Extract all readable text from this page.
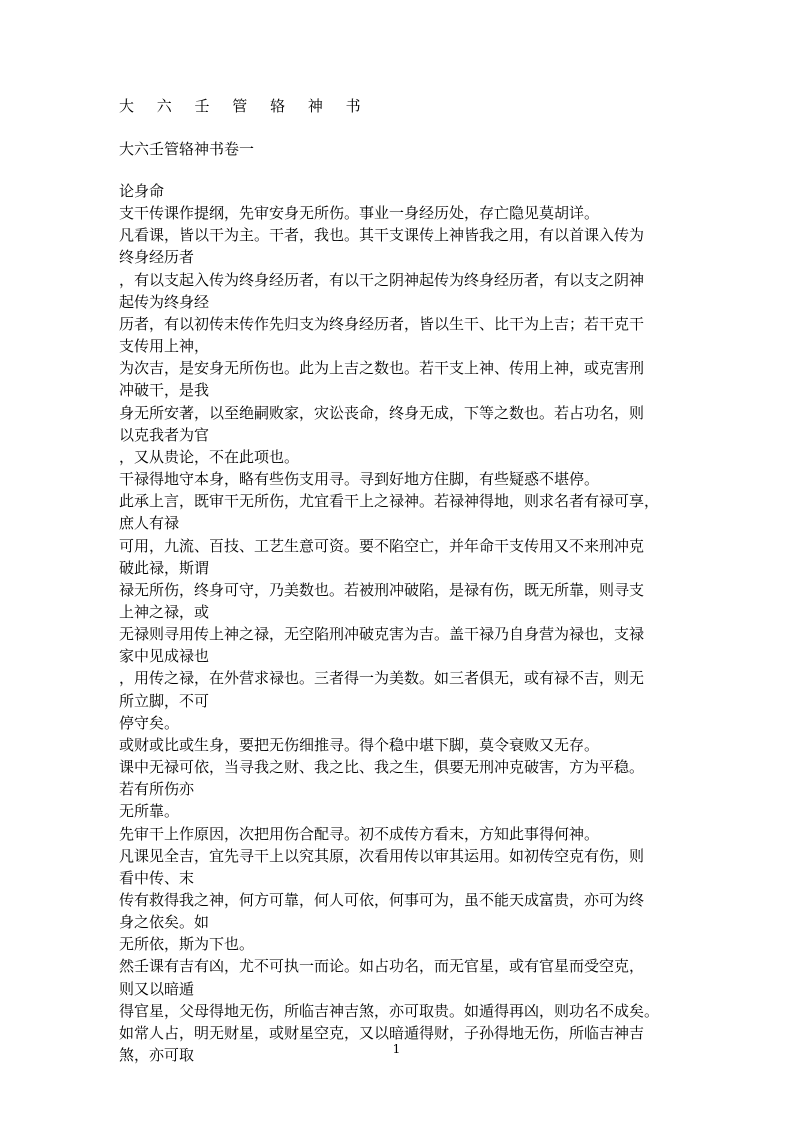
大 六 壬 管 辂 神 书
大六壬管辂神书卷一
论身命
支干传课作提纲，先审安身无所伤。事业一身经历处，存亡隐见莫胡详。
凡看课，皆以干为主。干者，我也。其干支课传上神皆我之用，有以首课入传为
终身经历者
，有以支起入传为终身经历者，有以干之阴神起传为终身经历者，有以支之阴神
起传为终身经
历者，有以初传末传作先归支为终身经历者，皆以生干、比干为上吉；若干克干
支传用上神，
为次吉，是安身无所伤也。此为上吉之数也。若干支上神、传用上神，或克害刑
冲破干，是我
身无所安著，以至绝嗣败家，灾讼丧命，终身无成，下等之数也。若占功名，则
以克我者为官
，又从贵论，不在此项也。
干禄得地守本身，略有些伤支用寻。寻到好地方住脚，有些疑惑不堪停。
此承上言，既审干无所伤，尤宜看干上之禄神。若禄神得地，则求名者有禄可享，
庶人有禄
可用，九流、百技、工艺生意可资。要不陷空亡，并年命干支传用又不来刑冲克
破此禄，斯谓
禄无所伤，终身可守，乃美数也。若被刑冲破陷，是禄有伤，既无所靠，则寻支
上神之禄，或
无禄则寻用传上神之禄，无空陷刑冲破克害为吉。盖干禄乃自身营为禄也，支禄
家中见成禄也
，用传之禄，在外营求禄也。三者得一为美数。如三者俱无，或有禄不吉，则无
所立脚，不可
停守矣。
或财或比或生身，要把无伤细推寻。得个稳中堪下脚，莫令衰败又无存。
课中无禄可依，当寻我之财、我之比、我之生，俱要无刑冲克破害，方为平稳。
若有所伤亦
无所靠。
先审干上作原因，次把用伤合配寻。初不成传方看末，方知此事得何神。
凡课见全吉，宜先寻干上以究其原，次看用传以审其运用。如初传空克有伤，则
看中传、末
传有救得我之神，何方可靠，何人可依，何事可为，虽不能天成富贵，亦可为终
身之依矣。如
无所依，斯为下也。
然壬课有吉有凶，尤不可执一而论。如占功名，而无官星，或有官星而受空克，
则又以暗遁
得官星，父母得地无伤，所临吉神吉煞，亦可取贵。如遁得再凶，则功名不成矣。
如常人占，明无财星，或财星空克，又以暗遁得财，子孙得地无伤，所临吉神吉
煞，亦可取	1
